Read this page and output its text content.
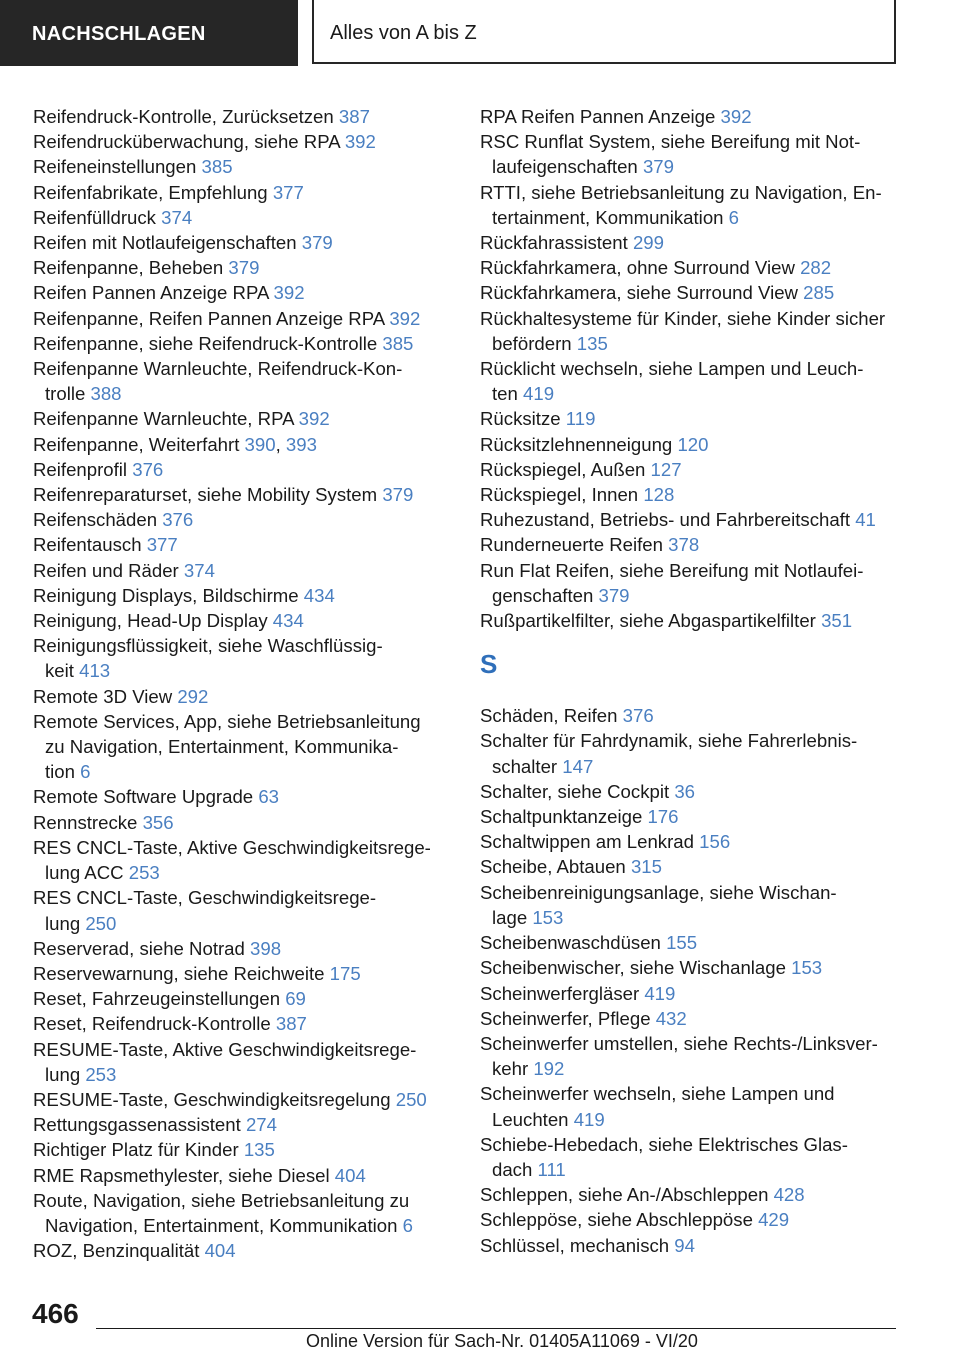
NACHSCHLAGEN	Alles von A bis Z
Reifendruck-Kontrolle, Zurücksetzen 387
Reifendrucküberwachung, siehe RPA 392
Reifeneinstellungen 385
Reifenfabrikate, Empfehlung 377
Reifenfülldruck 374
Reifen mit Notlaufeigenschaften 379
Reifenpanne, Beheben 379
Reifen Pannen Anzeige RPA 392
Reifenpanne, Reifen Pannen Anzeige RPA 392
Reifenpanne, siehe Reifendruck-Kontrolle 385
Reifenpanne Warnleuchte, Reifendruck-Kon-
trolle 388
Reifenpanne Warnleuchte, RPA 392
Reifenpanne, Weiterfahrt 390, 393
Reifenprofil 376
Reifenreparaturset, siehe Mobility System 379
Reifenschäden 376
Reifentausch 377
Reifen und Räder 374
Reinigung Displays, Bildschirme 434
Reinigung, Head-Up Display 434
Reinigungsflüssigkeit, siehe Waschflüssig-
keit 413
Remote 3D View 292
Remote Services, App, siehe Betriebsanleitung
zu Navigation, Entertainment, Kommunika-
tion 6
Remote Software Upgrade 63
Rennstrecke 356
RES CNCL-Taste, Aktive Geschwindigkeitsrege-
lung ACC 253
RES CNCL-Taste, Geschwindigkeitsrege-
lung 250
Reserverad, siehe Notrad 398
Reservewarnung, siehe Reichweite 175
Reset, Fahrzeugeinstellungen 69
Reset, Reifendruck-Kontrolle 387
RESUME-Taste, Aktive Geschwindigkeitsrege-
lung 253
RESUME-Taste, Geschwindigkeitsregelung 250
Rettungsgassenassistent 274
Richtiger Platz für Kinder 135
RME Rapsmethylester, siehe Diesel 404
Route, Navigation, siehe Betriebsanleitung zu
Navigation, Entertainment, Kommunikation 6
ROZ, Benzinqualität 404
RPA Reifen Pannen Anzeige 392
RSC Runflat System, siehe Bereifung mit Not-
laufeigenschaften 379
RTTI, siehe Betriebsanleitung zu Navigation, En-
tertainment, Kommunikation 6
Rückfahrassistent 299
Rückfahrkamera, ohne Surround View 282
Rückfahrkamera, siehe Surround View 285
Rückhaltesysteme für Kinder, siehe Kinder sicher
befördern 135
Rücklicht wechseln, siehe Lampen und Leuch-
ten 419
Rücksitze 119
Rücksitzlehnenneigung 120
Rückspiegel, Außen 127
Rückspiegel, Innen 128
Ruhezustand, Betriebs- und Fahrbereitschaft 41
Runderneuerte Reifen 378
Run Flat Reifen, siehe Bereifung mit Notlaufei-
genschaften 379
Rußpartikelfilter, siehe Abgaspartikelfilter 351
S
Schäden, Reifen 376
Schalter für Fahrdynamik, siehe Fahrerlebnis-
schalter 147
Schalter, siehe Cockpit 36
Schaltpunktanzeige 176
Schaltwippen am Lenkrad 156
Scheibe, Abtauen 315
Scheibenreinigungsanlage, siehe Wischan-
lage 153
Scheibenwaschdüsen 155
Scheibenwischer, siehe Wischanlage 153
Scheinwerfergläser 419
Scheinwerfer, Pflege 432
Scheinwerfer umstellen, siehe Rechts-/Linksver-
kehr 192
Scheinwerfer wechseln, siehe Lampen und
Leuchten 419
Schiebe-Hebedach, siehe Elektrisches Glas-
dach 111
Schleppen, siehe An-/Abschleppen 428
Schleppöse, siehe Abschleppöse 429
Schlüssel, mechanisch 94
466
Online Version für Sach-Nr. 01405A11069 - VI/20
